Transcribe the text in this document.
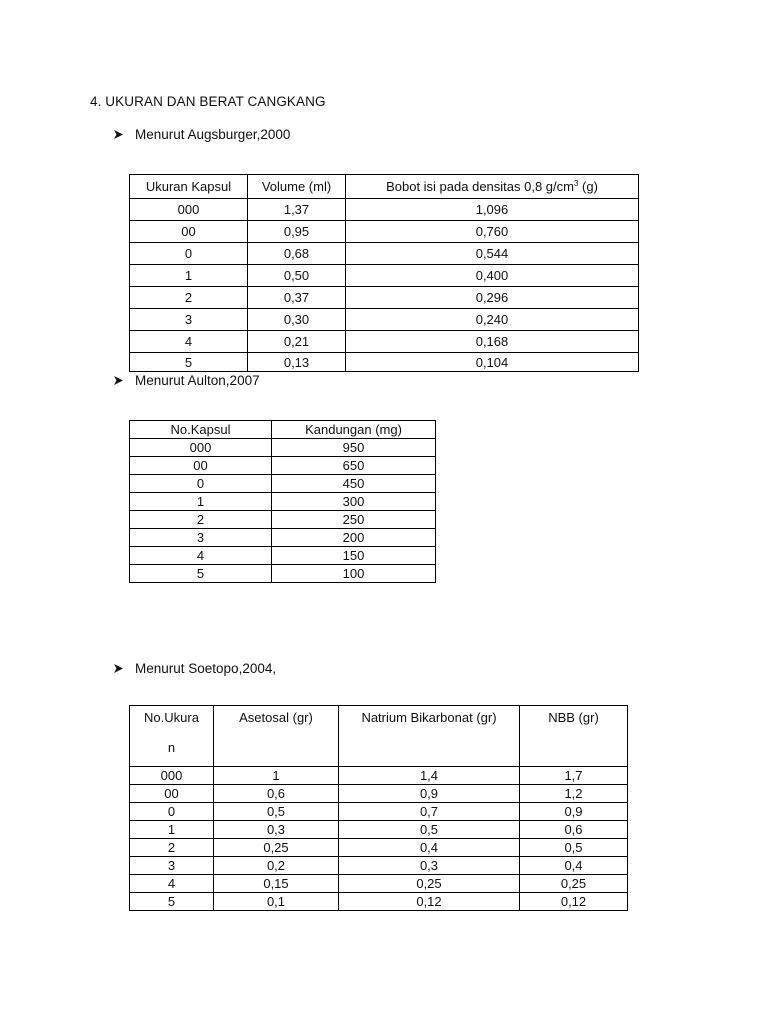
4. UKURAN DAN BERAT CANGKANG
Menurut Augsburger,2000
Ukuran Kapsul	Volume (ml)	Bobot isi pada densitas 0,8 $g/cm^3$ (g)
000	1,37	1,096
00	0,95	0,760
0	0,68	0,544
1	0,50	0,400
2	0,37	0,296
3	0,30	0,240
4	0,21	0,168
5	0,13	0,104
Menurut Aulton,2007
No.Kapsul	Kandungan (mg)
000	950
00	650
0	450
1	300
2	250
3	200
4	150
5	100
Menurut Soetopo,2004,
No.Ukura
n	Asetosal (gr)	Natrium Bikarbonat (gr)	NBB (gr)
000	1	1,4	1,7
00	0,6	0,9	1,2
0	0,5	0,7	0,9
1	0,3	0,5	0,6
2	0,25	0,4	0,5
3	0,2	0,3	0,4
4	0,15	0,25	0,25
5	0,1	0,12	0,12
